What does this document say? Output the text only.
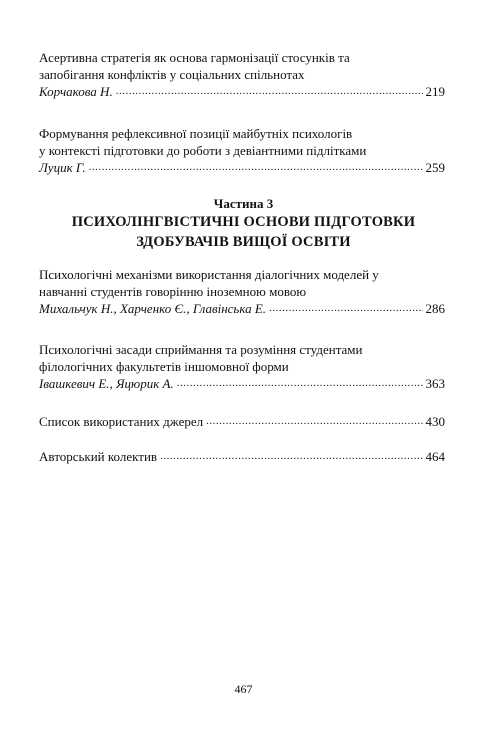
Асертивна стратегія як основа гармонізації стосунків та
запобігання конфліктів у соціальних спільнотах
Корчакова Н. .....	219
Формування рефлексивної позиції майбутніх психологів
у контексті підготовки до роботи з девіантними підлітками
Луцик Г. .....	259
Частина 3
ПСИХОЛІНГВІСТИЧНІ ОСНОВИ ПІДГОТОВКИ
ЗДОБУВАЧІВ ВИЩОЇ ОСВІТИ
Психологічні механізми використання діалогічних моделей у
навчанні студентів говорінню іноземною мовою
Михальчук Н., Харченко Є., Главінська Е. .....	286
Психологічні засади сприймання та розуміння студентами
філологічних факультетів іншомовної форми
Івашкевич Е., Яцюрик А. .....	363
Список використаних джерел .....	430
Авторський колектив .....	464
467
